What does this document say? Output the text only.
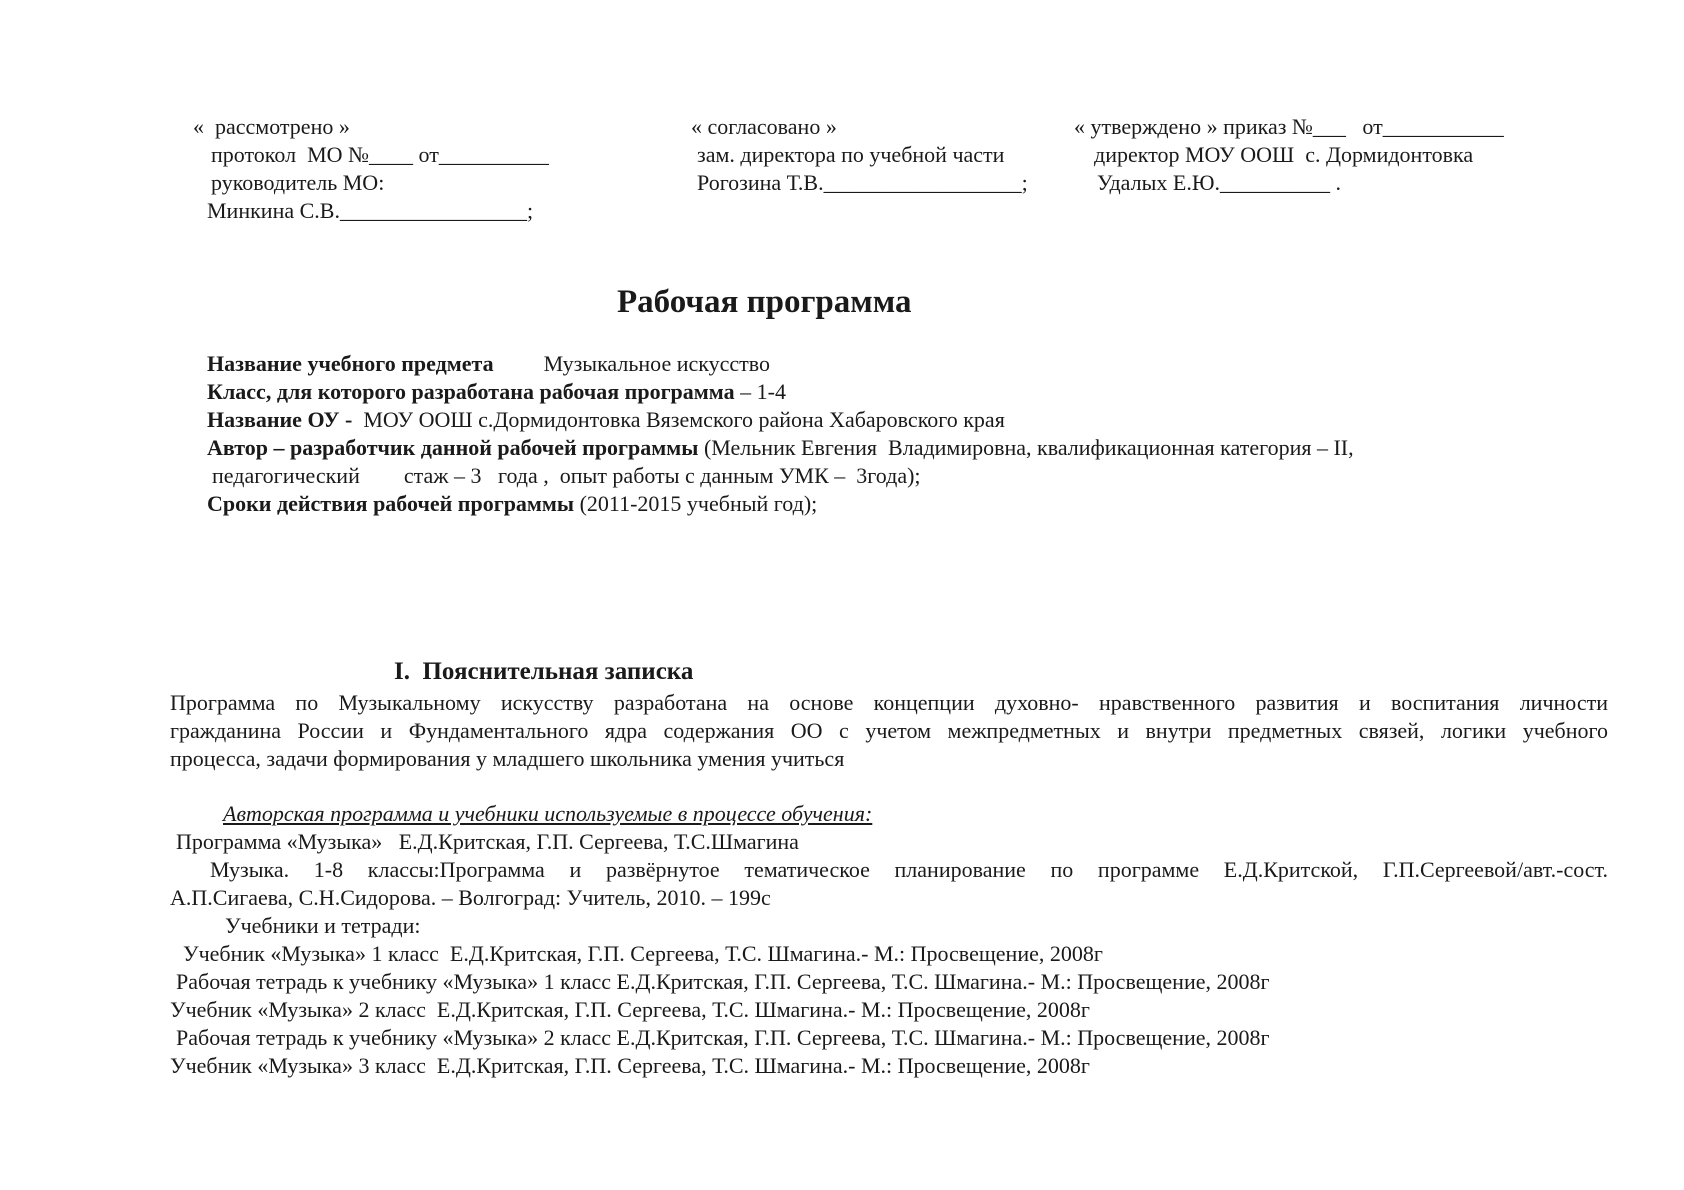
«  рассмотрено »
протокол  МО №____ от__________
руководитель МО:
Минкина С.В._________________;
« согласовано »
зам. директора по учебной части
Рогозина Т.В.__________________;
« утверждено » приказ №___   от___________
директор МОУ ООШ  с. Дормидонтовка
Удалых Е.Ю.__________ .
Рабочая программа
Название учебного предмета Музыкальное искусство
Класс, для которого разработана рабочая программа – 1-4
Название ОУ - МОУ ООШ с.Дормидонтовка Вяземского района Хабаровского края
Автор – разработчик данной рабочей программы (Мельник Евгения  Владимировна, квалификационная категория – II,
педагогический        стаж – 3   года ,  опыт работы с данным УМК –  3года);
Сроки действия рабочей программы (2011-2015 учебный год);
I.  Пояснительная записка
Программа по Музыкальному искусству разработана на основе концепции духовно- нравственного развития и воспитания личности
гражданина России и Фундаментального ядра содержания ОО с учетом межпредметных и внутри предметных связей, логики учебного
процесса, задачи формирования у младшего школьника умения учиться
Авторская программа и учебники используемые в процессе обучения:
Программа «Музыка»   Е.Д.Критская, Г.П. Сергеева, Т.С.Шмагина
Музыка. 1-8 классы:Программа и развёрнутое тематическое планирование по программе Е.Д.Критской, Г.П.Сергеевой/авт.-сост.
А.П.Сигаева, С.Н.Сидорова. – Волгоград: Учитель, 2010. – 199с
Учебники и тетради:
Учебник «Музыка» 1 класс  Е.Д.Критская, Г.П. Сергеева, Т.С. Шмагина.- М.: Просвещение, 2008г
Рабочая тетрадь к учебнику «Музыка» 1 класс Е.Д.Критская, Г.П. Сергеева, Т.С. Шмагина.- М.: Просвещение, 2008г
Учебник «Музыка» 2 класс  Е.Д.Критская, Г.П. Сергеева, Т.С. Шмагина.- М.: Просвещение, 2008г
Рабочая тетрадь к учебнику «Музыка» 2 класс Е.Д.Критская, Г.П. Сергеева, Т.С. Шмагина.- М.: Просвещение, 2008г
Учебник «Музыка» 3 класс  Е.Д.Критская, Г.П. Сергеева, Т.С. Шмагина.- М.: Просвещение, 2008г
